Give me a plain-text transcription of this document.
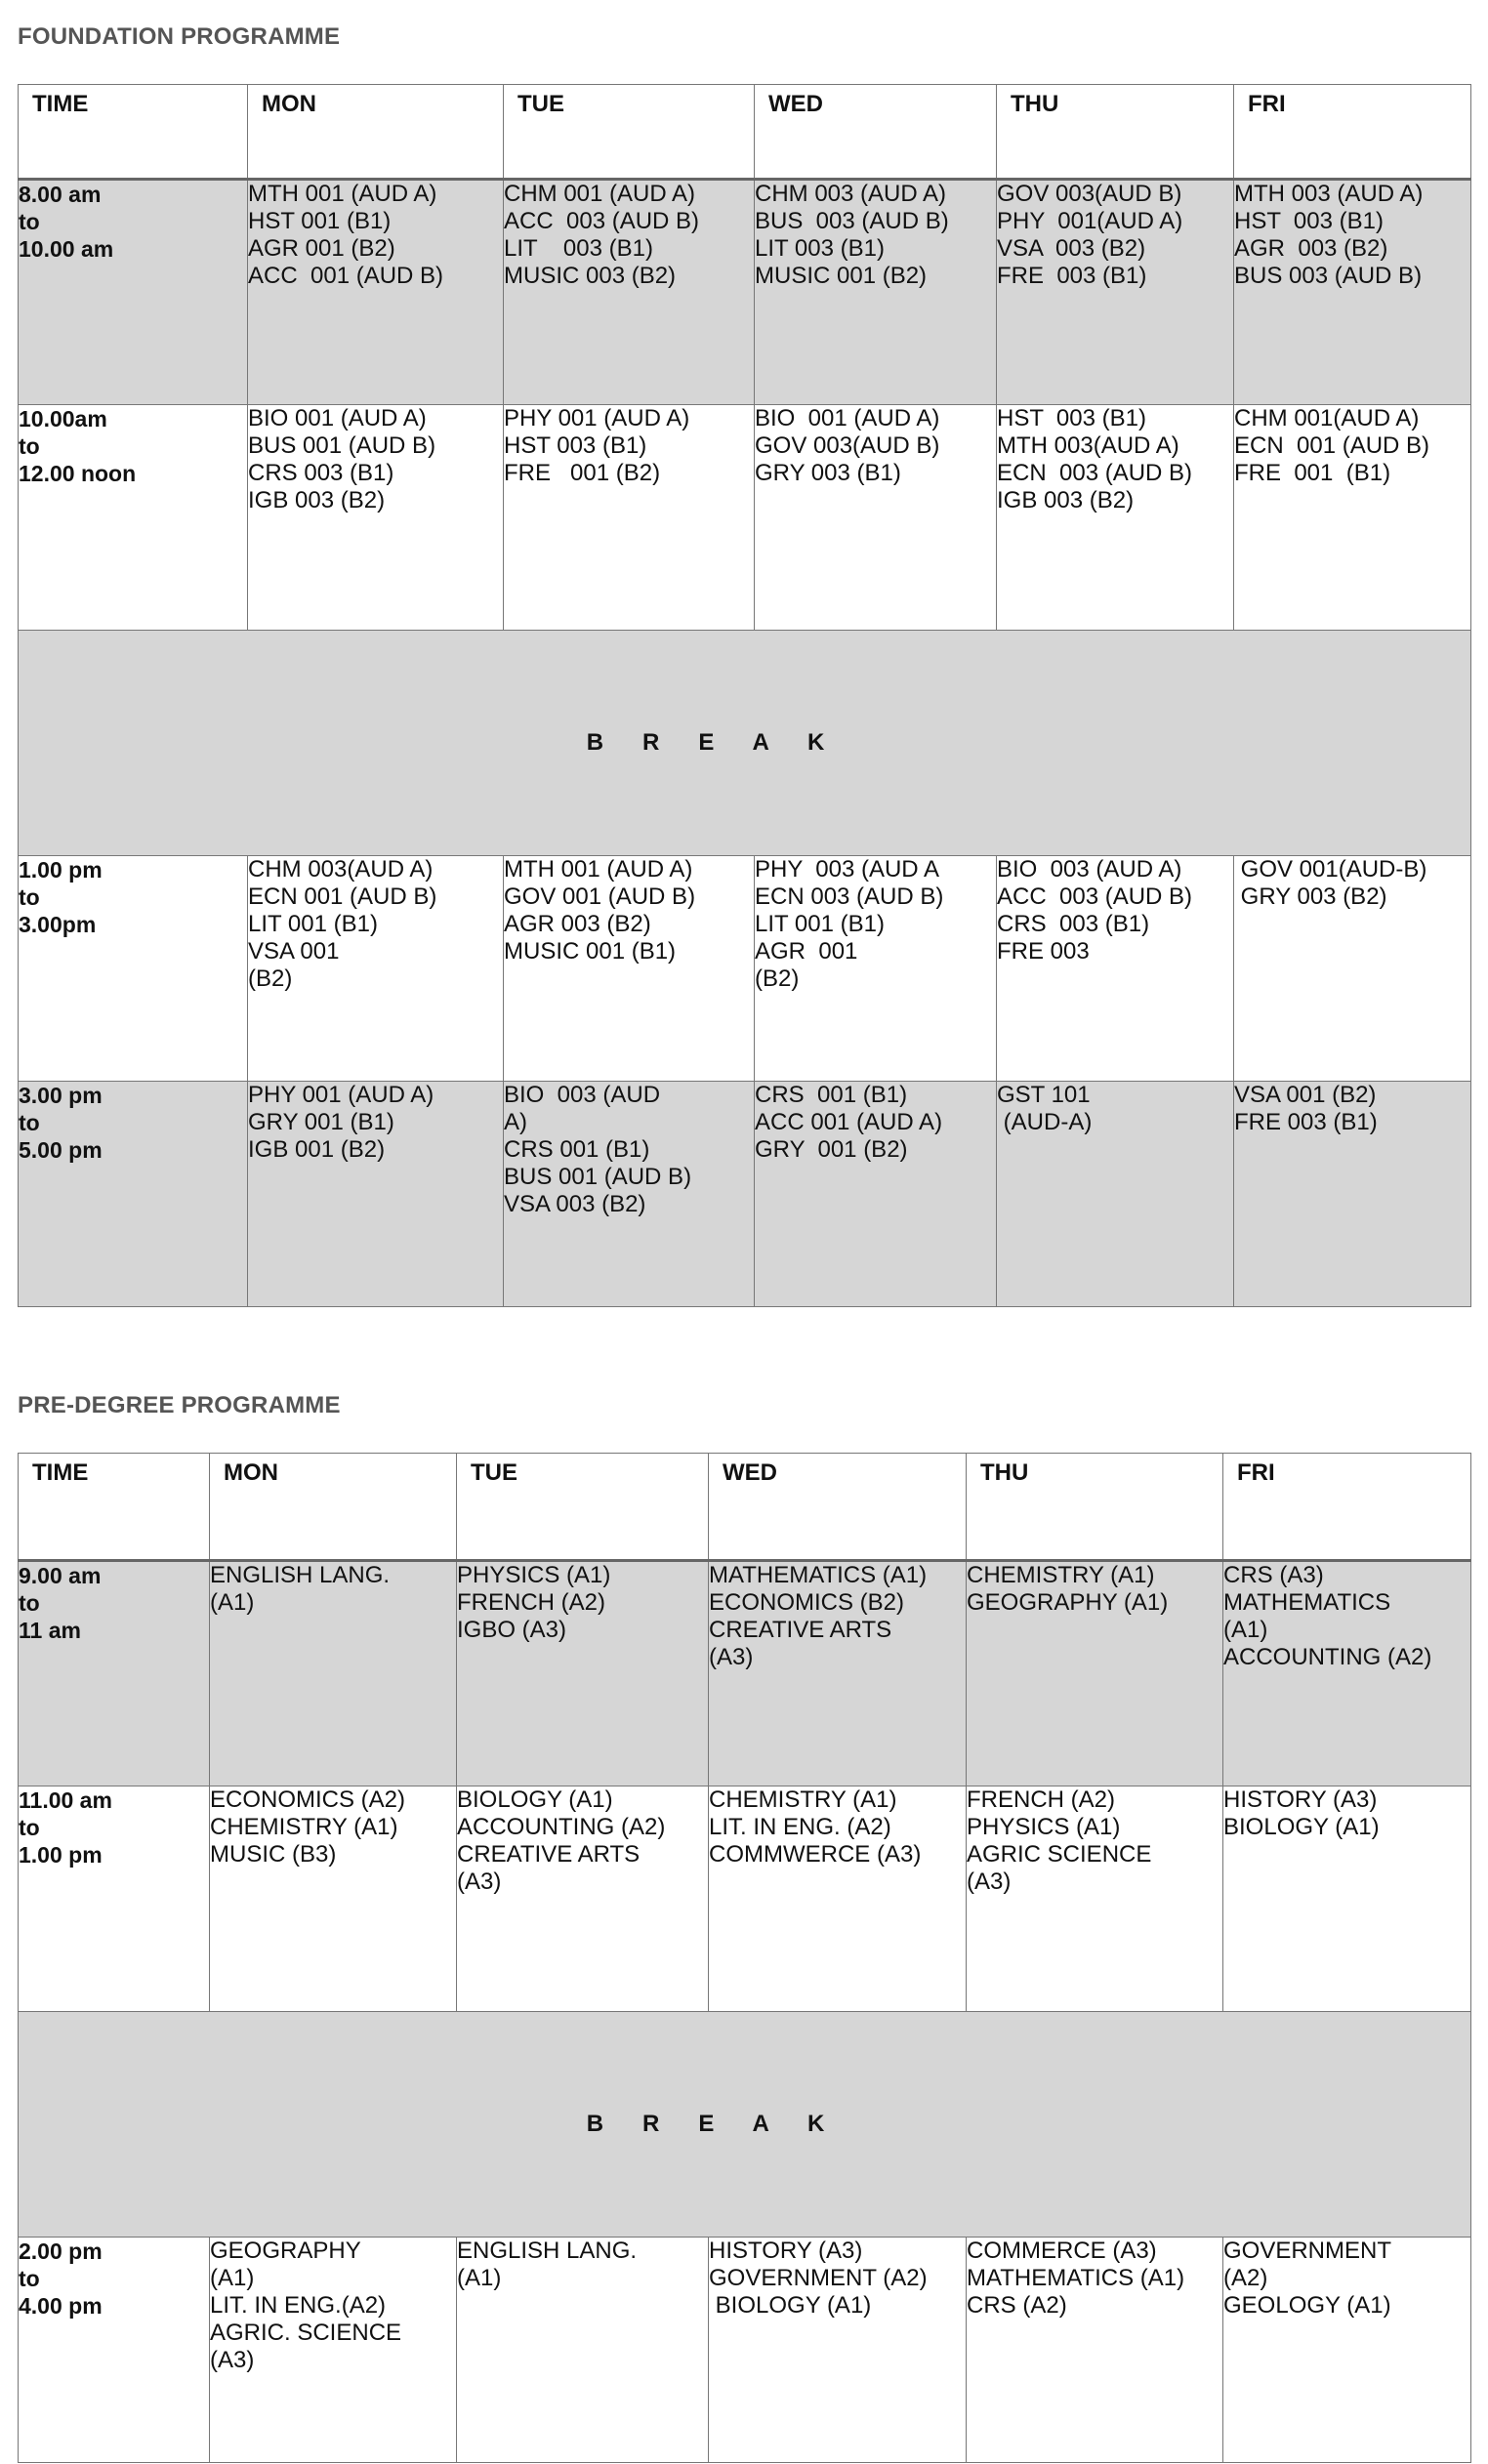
FOUNDATION PROGRAMME
TIME	MON	TUE	WED	THU	FRI

8.00 am
to
10.00 am	MTH 001 (AUD A)
HST 001 (B1)
AGR 001 (B2)
ACC  001 (AUD B)	CHM 001 (AUD A)
ACC  003 (AUD B)
LIT    003 (B1)
MUSIC 003 (B2)	CHM 003 (AUD A)
BUS  003 (AUD B)
LIT 003 (B1)
MUSIC 001 (B2)	GOV 003(AUD B)
PHY  001(AUD A)
VSA  003 (B2)
FRE  003 (B1)	MTH 003 (AUD A)
HST  003 (B1)
AGR  003 (B2)
BUS 003 (AUD B)

10.00am
to
12.00 noon	BIO 001 (AUD A)
BUS 001 (AUD B)
CRS 003 (B1)
IGB 003 (B2)	PHY 001 (AUD A)
HST 003 (B1)
FRE   001 (B2)	BIO  001 (AUD A)
GOV 003(AUD B)
GRY 003 (B1)	HST  003 (B1)
MTH 003(AUD A)
ECN  003 (AUD B)
IGB 003 (B2)	CHM 001(AUD A)
ECN  001 (AUD B)
FRE  001  (B1)

B      R      E      A      K					

1.00 pm
to
3.00pm	CHM 003(AUD A)
ECN 001 (AUD B)
LIT 001 (B1)
VSA 001
(B2)	MTH 001 (AUD A)
GOV 001 (AUD B)
AGR 003 (B2)
MUSIC 001 (B1)	PHY  003 (AUD A
ECN 003 (AUD B)
LIT 001 (B1)
AGR  001
(B2)	BIO  003 (AUD A)
ACC  003 (AUD B)
CRS  003 (B1)
FRE 003	GOV 001(AUD-B)
GRY 003 (B2)

3.00 pm
to
5.00 pm	PHY 001 (AUD A)
GRY 001 (B1)
IGB 001 (B2)	BIO  003 (AUD
A)
CRS 001 (B1)
BUS 001 (AUD B)
VSA 003 (B2)	CRS  001 (B1)
ACC 001 (AUD A)
GRY  001 (B2)	GST 101
(AUD-A)	VSA 001 (B2)
FRE 003 (B1)
PRE-DEGREE PROGRAMME
TIME	MON	TUE	WED	THU	FRI

9.00 am
to
11 am	ENGLISH LANG.
(A1)	PHYSICS (A1)
FRENCH (A2)
IGBO (A3)	MATHEMATICS (A1)
ECONOMICS (B2)
CREATIVE ARTS
(A3)	CHEMISTRY (A1)
GEOGRAPHY (A1)	CRS (A3)
MATHEMATICS
(A1)
ACCOUNTING (A2)

11.00 am
to
1.00 pm	ECONOMICS (A2)
CHEMISTRY (A1)
MUSIC (B3)	BIOLOGY (A1)
ACCOUNTING (A2)
CREATIVE ARTS
(A3)	CHEMISTRY (A1)
LIT. IN ENG. (A2)
COMMWERCE (A3)	FRENCH (A2)
PHYSICS (A1)
AGRIC SCIENCE
(A3)	HISTORY (A3)
BIOLOGY (A1)

B      R      E      A      K					

2.00 pm
to
4.00 pm	GEOGRAPHY
(A1)
LIT. IN ENG.(A2)
AGRIC. SCIENCE
(A3)	ENGLISH LANG.
(A1)	HISTORY (A3)
GOVERNMENT (A2)
BIOLOGY (A1)	COMMERCE (A3)
MATHEMATICS (A1)
CRS (A2)	GOVERNMENT
(A2)
GEOLOGY (A1)
